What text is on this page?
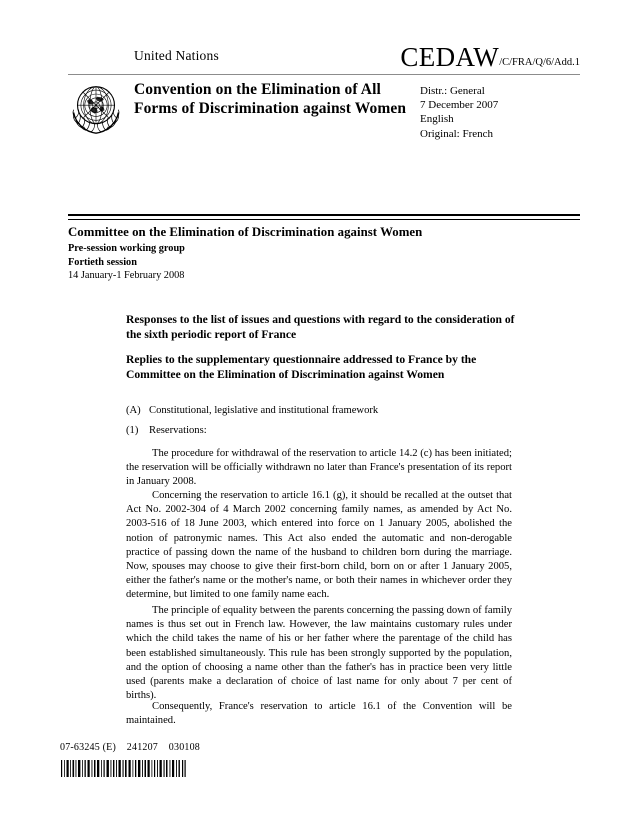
United Nations	CEDAW/C/FRA/Q/6/Add.1
Convention on the Elimination of All Forms of Discrimination against Women
Distr.: General
7 December 2007
English
Original: French
Committee on the Elimination of Discrimination against Women
Pre-session working group
Fortieth session
14 January-1 February 2008
Responses to the list of issues and questions with regard to the consideration of the sixth periodic report of France
Replies to the supplementary questionnaire addressed to France by the Committee on the Elimination of Discrimination against Women
(A) Constitutional, legislative and institutional framework
(1) Reservations:
The procedure for withdrawal of the reservation to article 14.2 (c) has been initiated; the reservation will be officially withdrawn no later than France's presentation of its report in January 2008.
Concerning the reservation to article 16.1 (g), it should be recalled at the outset that Act No. 2002-304 of 4 March 2002 concerning family names, as amended by Act No. 2003-516 of 18 June 2003, which entered into force on 1 January 2005, abolished the notion of patronymic names. This Act also ended the automatic and non-derogable practice of passing down the name of the husband to children born during the marriage. Now, spouses may choose to give their first-born child, born on or after 1 January 2005, either the father's name or the mother's name, or both their names in whichever order they determine, but limited to one family name each.
The principle of equality between the parents concerning the passing down of family names is thus set out in French law. However, the law maintains customary rules under which the child takes the name of his or her father where the parentage of the child has been established simultaneously. This rule has been strongly supported by the population, and the option of choosing a name other than the father's has in practice been very little used (parents make a declaration of choice of last name for only about 7 per cent of births).
Consequently, France's reservation to article 16.1 of the Convention will be maintained.
07-63245 (E)    241207    030108
